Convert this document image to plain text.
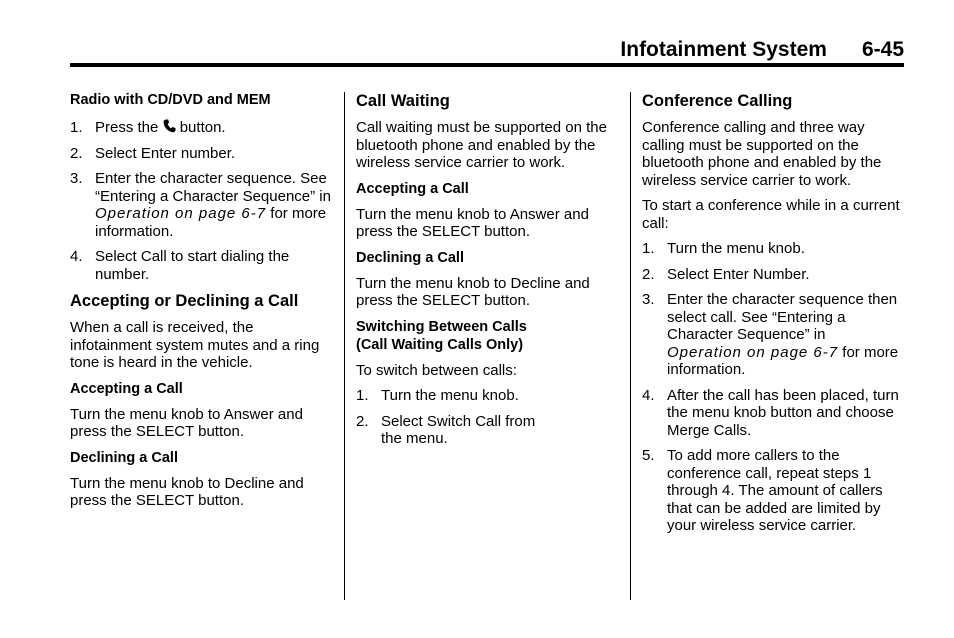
Infotainment System 6-45
Radio with CD/DVD and MEM
1. Press the button.
2. Select Enter number.
3. Enter the character sequence. See “Entering a Character Sequence” in Operation on page 6-7 for more information.
4. Select Call to start dialing the number.
Accepting or Declining a Call

When a call is received, the infotainment system mutes and a ring tone is heard in the vehicle.

Accepting a Call

Turn the menu knob to Answer and press the SELECT button.

Declining a Call

Turn the menu knob to Decline and press the SELECT button.

Call Waiting

Call waiting must be supported on the bluetooth phone and enabled by the wireless service carrier to work.

Accepting a Call

Turn the menu knob to Answer and press the SELECT button.

Declining a Call

Turn the menu knob to Decline and press the SELECT button.

Switching Between Calls
(Call Waiting Calls Only)

To switch between calls:

1. Turn the menu knob.
2. Select Switch Call from the menu.
Conference Calling

Conference calling and three way calling must be supported on the bluetooth phone and enabled by the wireless service carrier to work.

To start a conference while in a current call:

1. Turn the menu knob.
2. Select Enter Number.
3. Enter the character sequence then select call. See “Entering a Character Sequence” in Operation on page 6-7 for more information.
4. After the call has been placed, turn the menu knob button and choose Merge Calls.
5. To add more callers to the conference call, repeat steps 1 through 4. The amount of callers that can be added are limited by your wireless service carrier.
